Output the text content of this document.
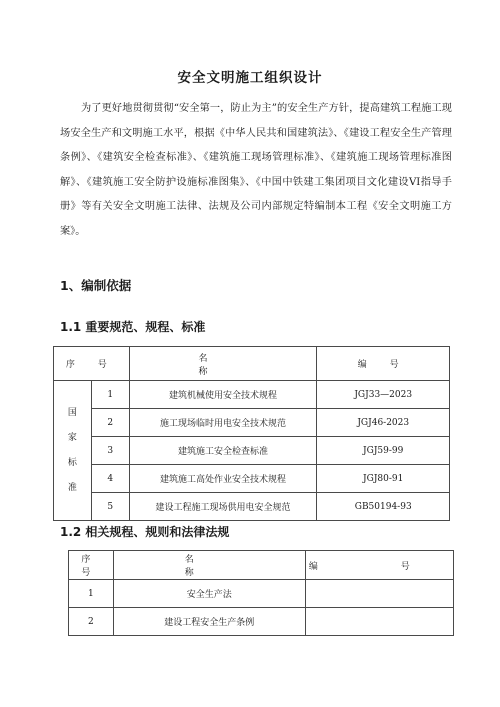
安全文明施工组织设计

为了更好地贯彻贯彻“安全第一，防止为主”的安全生产方针，提高建筑工程施工现场安全生产和文明施工水平，根据《中华人民共和国建筑法》、《建设工程安全生产管理条例》、《建筑安全检查标准》、《建筑施工现场管理标准》、《建筑施工现场管理标准图解》、《建筑施工安全防护设施标准图集》、《中国中铁建工集团项目文化建设VI指导手册》等有关安全文明施工法律、法规及公司内部规定特编制本工程《安全文明施工方案》。

1、编制依据
1.1 重要规范、规程、标准
序 号		名　　称	编 号

国
家
标
准	1	建筑机械使用安全技术规程	JGJ33—2023
	2	施工现场临时用电安全技术规范	JGJ46-2023
	3	建筑施工安全检查标准	JGJ59-99
	4	建筑施工高处作业安全技术规程	JGJ80-91
	5	建设工程施工现场供用电安全规范	GB50194-93
1.2 相关规程、规则和法律法规
序 号	名　　称	编 号
1	安全生产法	
2	建设工程安全生产条例	
